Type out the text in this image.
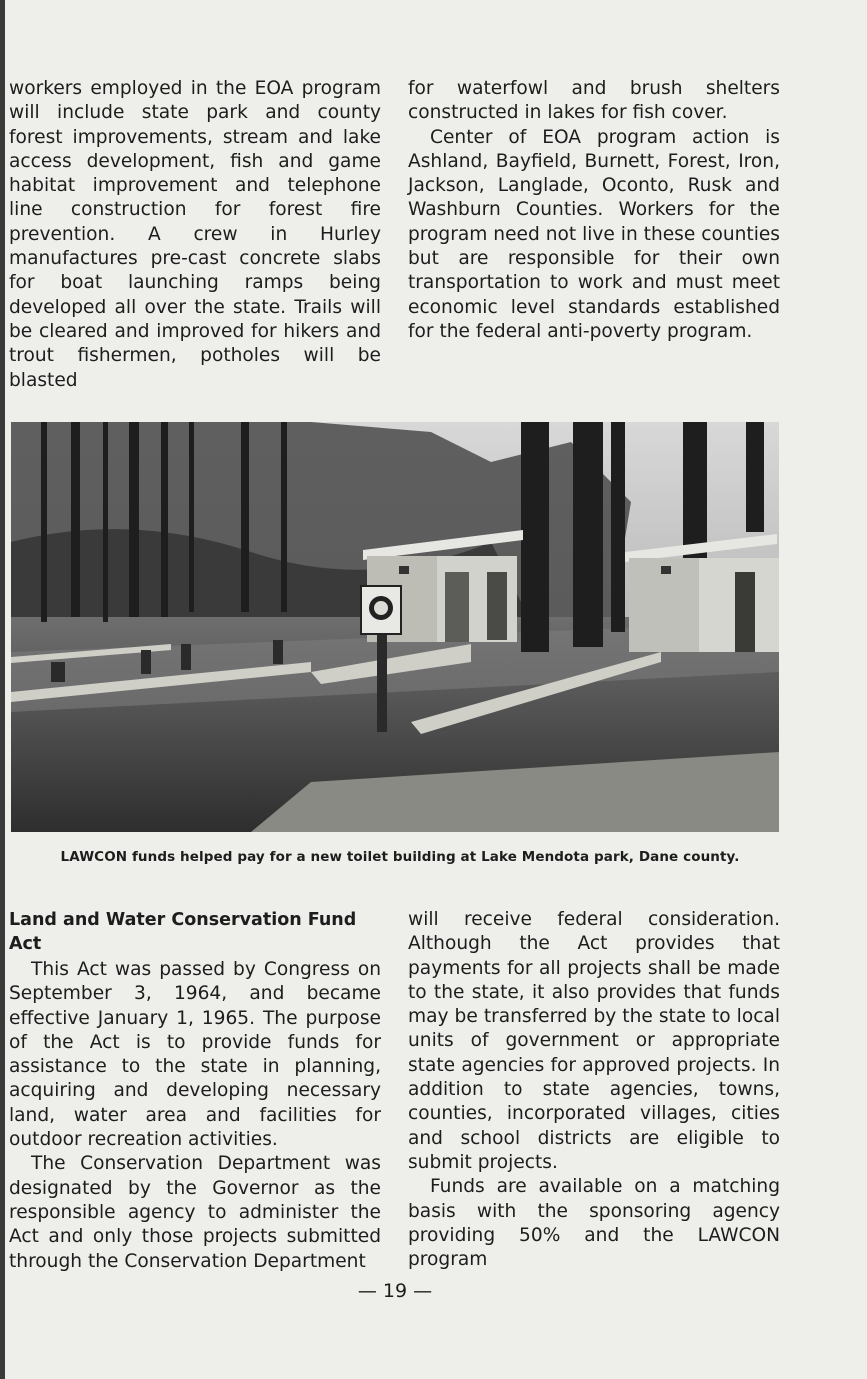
workers employed in the EOA program will include state park and county forest improvements, stream and lake access development, fish and game habitat improvement and telephone line construction for forest fire prevention. A crew in Hurley manufactures pre-cast concrete slabs for boat launching ramps being developed all over the state. Trails will be cleared and improved for hikers and trout fishermen, potholes will be blasted

for waterfowl and brush shelters constructed in lakes for fish cover.

Center of EOA program action is Ashland, Bayfield, Burnett, Forest, Iron, Jackson, Langlade, Oconto, Rusk and Washburn Counties. Workers for the program need not live in these counties but are responsible for their own transportation to work and must meet economic level standards established for the federal anti-poverty program.

LAWCON funds helped pay for a new toilet building at Lake Mendota park, Dane county.
Land and Water Conservation Fund Act

This Act was passed by Congress on September 3, 1964, and became effective January 1, 1965. The purpose of the Act is to provide funds for assistance to the state in planning, acquiring and developing necessary land, water area and facilities for outdoor recreation activities.

The Conservation Department was designated by the Governor as the responsible agency to administer the Act and only those projects submitted through the Conservation Department

will receive federal consideration. Although the Act provides that payments for all projects shall be made to the state, it also provides that funds may be transferred by the state to local units of government or appropriate state agencies for approved projects. In addition to state agencies, towns, counties, incorporated villages, cities and school districts are eligible to submit projects.

Funds are available on a matching basis with the sponsoring agency providing 50% and the LAWCON program

— 19 —
